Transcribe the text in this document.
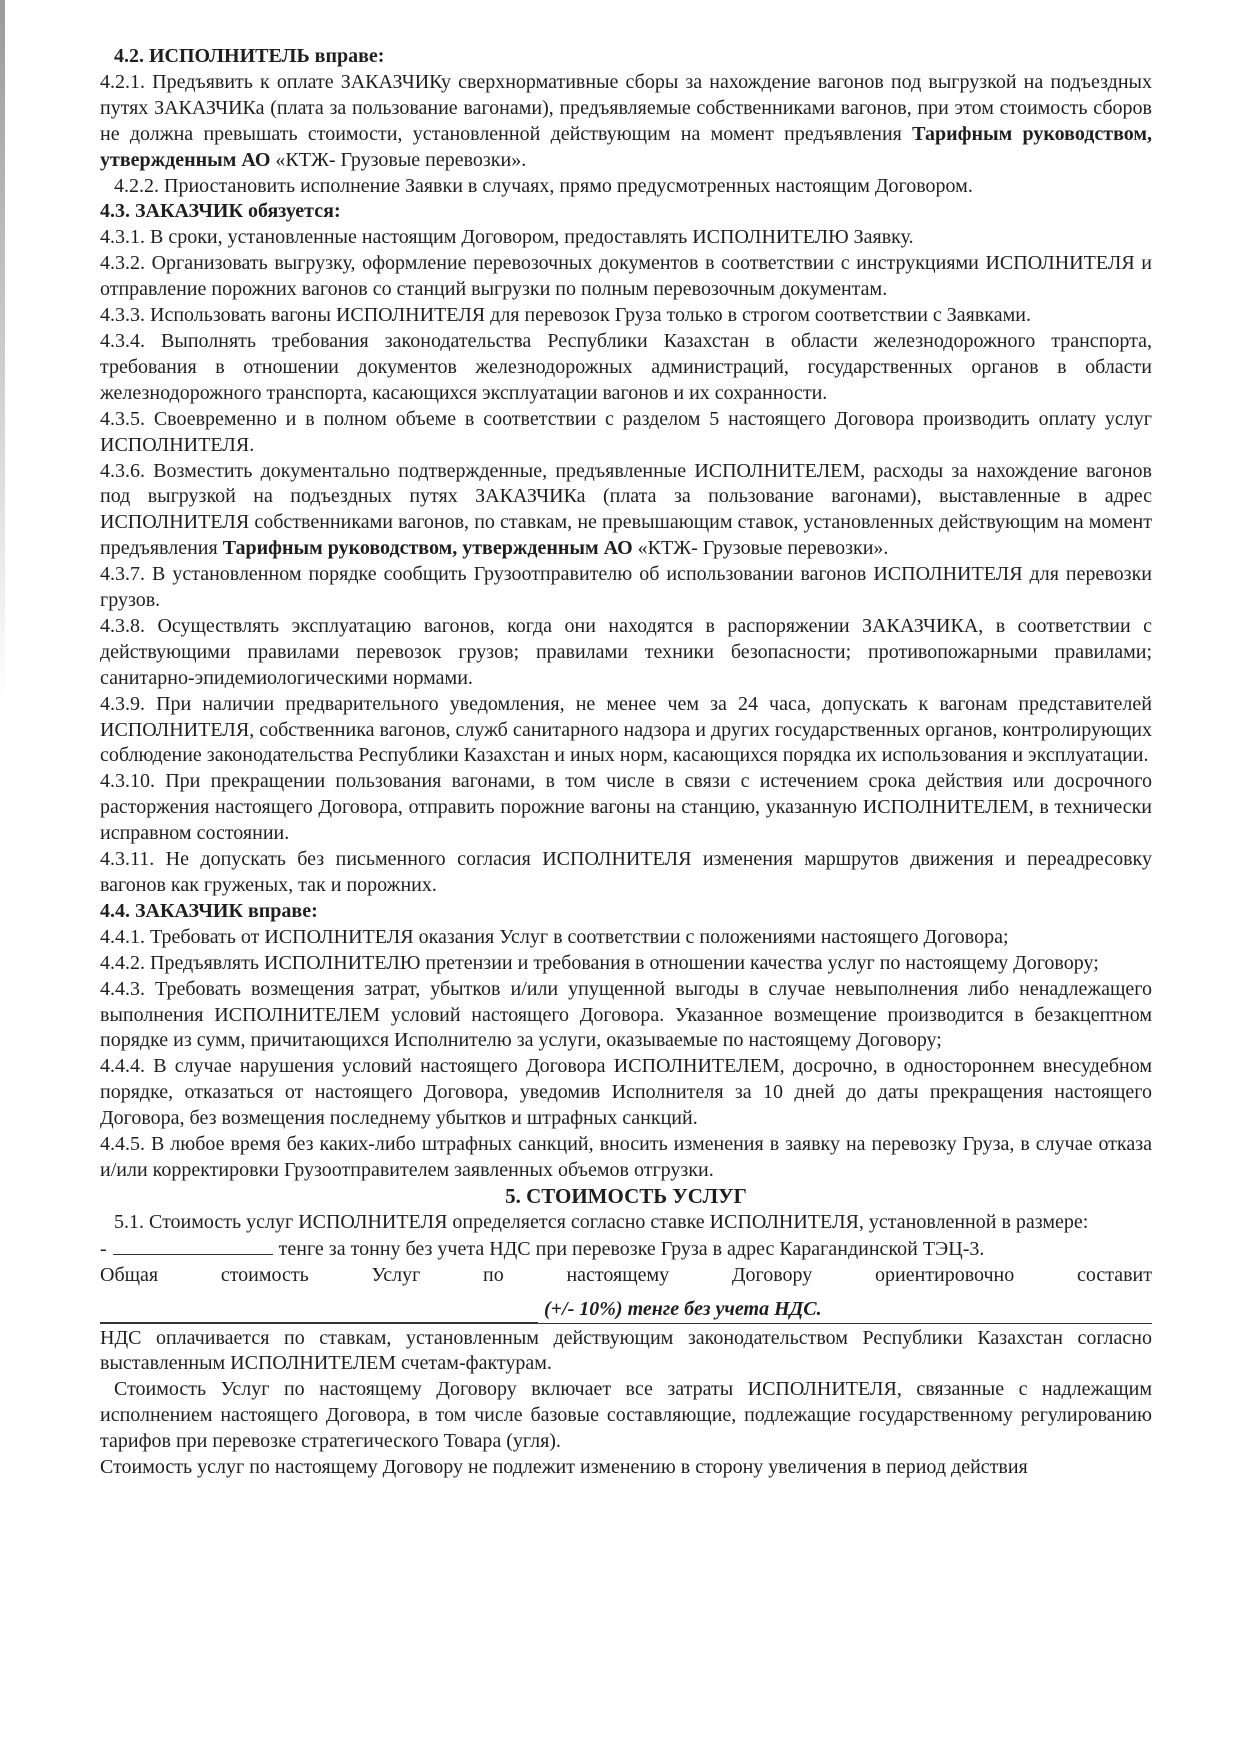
4.2. ИСПОЛНИТЕЛЬ вправе:

4.2.1. Предъявить к оплате ЗАКАЗЧИКу сверхнормативные сборы за нахождение вагонов под выгрузкой на подъездных путях ЗАКАЗЧИКа (плата за пользование вагонами), предъявляемые собственниками вагонов, при этом стоимость сборов не должна превышать стоимости, установленной действующим на момент предъявления Тарифным руководством, утвержденным АО «КТЖ- Грузовые перевозки».

4.2.2. Приостановить исполнение Заявки в случаях, прямо предусмотренных настоящим Договором.

4.3. ЗАКАЗЧИК обязуется:

4.3.1. В сроки, установленные настоящим Договором, предоставлять ИСПОЛНИТЕЛЮ Заявку.

4.3.2. Организовать выгрузку, оформление перевозочных документов в соответствии с инструкциями ИСПОЛНИТЕЛЯ и отправление порожних вагонов со станций выгрузки по полным перевозочным документам.

4.3.3. Использовать вагоны ИСПОЛНИТЕЛЯ для перевозок Груза только в строгом соответствии с Заявками.

4.3.4. Выполнять требования законодательства Республики Казахстан в области железнодорожного транспорта, требования в отношении документов железнодорожных администраций, государственных органов в области железнодорожного транспорта, касающихся эксплуатации вагонов и их сохранности.

4.3.5. Своевременно и в полном объеме в соответствии с разделом 5 настоящего Договора производить оплату услуг ИСПОЛНИТЕЛЯ.

4.3.6. Возместить документально подтвержденные, предъявленные ИСПОЛНИТЕЛЕМ, расходы за нахождение вагонов под выгрузкой на подъездных путях ЗАКАЗЧИКа (плата за пользование вагонами), выставленные в адрес ИСПОЛНИТЕЛЯ собственниками вагонов, по ставкам, не превышающим ставок, установленных действующим на момент предъявления Тарифным руководством, утвержденным АО «КТЖ- Грузовые перевозки».

4.3.7. В установленном порядке сообщить Грузоотправителю об использовании вагонов ИСПОЛНИТЕЛЯ для перевозки грузов.

4.3.8. Осуществлять эксплуатацию вагонов, когда они находятся в распоряжении ЗАКАЗЧИКА, в соответствии с действующими правилами перевозок грузов; правилами техники безопасности; противопожарными правилами; санитарно-эпидемиологическими нормами.

4.3.9. При наличии предварительного уведомления, не менее чем за 24 часа, допускать к вагонам представителей ИСПОЛНИТЕЛЯ, собственника вагонов, служб санитарного надзора и других государственных органов, контролирующих соблюдение законодательства Республики Казахстан и иных норм, касающихся порядка их использования и эксплуатации.

4.3.10. При прекращении пользования вагонами, в том числе в связи с истечением срока действия или досрочного расторжения настоящего Договора, отправить порожние вагоны на станцию, указанную ИСПОЛНИТЕЛЕМ, в технически исправном состоянии.

4.3.11. Не допускать без письменного согласия ИСПОЛНИТЕЛЯ изменения маршрутов движения и переадресовку вагонов как груженых, так и порожних.

4.4. ЗАКАЗЧИК вправе:

4.4.1. Требовать от ИСПОЛНИТЕЛЯ оказания Услуг в соответствии с положениями настоящего Договора;

4.4.2. Предъявлять ИСПОЛНИТЕЛЮ претензии и требования в отношении качества услуг по настоящему Договору;

4.4.3. Требовать возмещения затрат, убытков и/или упущенной выгоды в случае невыполнения либо ненадлежащего выполнения ИСПОЛНИТЕЛЕМ условий настоящего Договора. Указанное возмещение производится в безакцептном порядке из сумм, причитающихся Исполнителю за услуги, оказываемые по настоящему Договору;

4.4.4. В случае нарушения условий настоящего Договора ИСПОЛНИТЕЛЕМ, досрочно, в одностороннем внесудебном порядке, отказаться от настоящего Договора, уведомив Исполнителя за 10 дней до даты прекращения настоящего Договора, без возмещения последнему убытков и штрафных санкций.

4.4.5. В любое время без каких-либо штрафных санкций, вносить изменения в заявку на перевозку Груза, в случае отказа и/или корректировки Грузоотправителем заявленных объемов отгрузки.

5. СТОИМОСТЬ УСЛУГ

5.1. Стоимость услуг ИСПОЛНИТЕЛЯ определяется согласно ставке ИСПОЛНИТЕЛЯ, установленной в размере:

-	тенге за тонну без учета НДС при перевозке Груза в адрес Карагандинской ТЭЦ-3.

Общая	стоимость	Услуг	по	настоящему	Договору	ориентировочно	составит
(+/- 10%) тенге без учета НДС.

НДС оплачивается по ставкам, установленным действующим законодательством Республики Казахстан согласно выставленным ИСПОЛНИТЕЛЕМ счетам-фактурам.

Стоимость Услуг по настоящему Договору включает все затраты ИСПОЛНИТЕЛЯ, связанные с надлежащим исполнением настоящего Договора, в том числе базовые составляющие, подлежащие государственному регулированию тарифов при перевозке стратегического Товара (угля).

Стоимость услуг по настоящему Договору не подлежит изменению в сторону увеличения в период действия
